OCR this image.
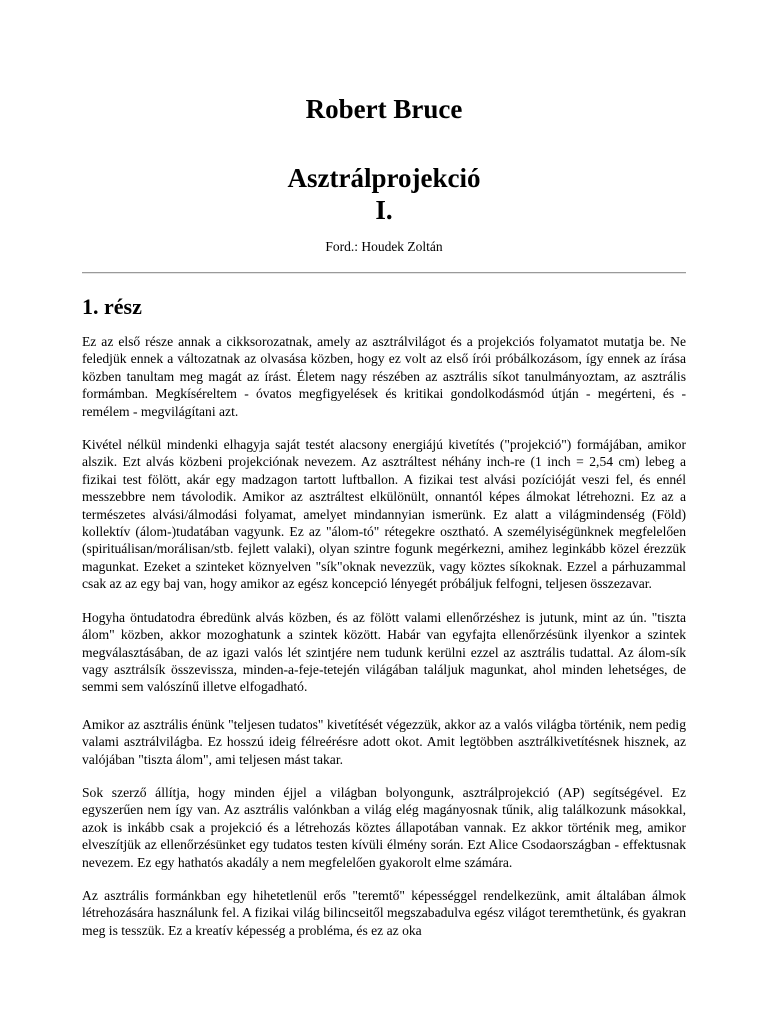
Robert Bruce
Asztrálprojekció
I.
Ford.: Houdek Zoltán
1. rész

Ez az első része annak a cikksorozatnak, amely az asztrálvilágot és a projekciós folyamatot mutatja be. Ne feledjük ennek a változatnak az olvasása közben, hogy ez volt az első írói próbálkozásom, így ennek az írása közben tanultam meg magát az írást. Életem nagy részében az asztrális síkot tanulmányoztam, az asztrális formámban. Megkíséreltem - óvatos megfigyelések és kritikai gondolkodásmód útján - megérteni, és - remélem - megvilágítani azt.

Kivétel nélkül mindenki elhagyja saját testét alacsony energiájú kivetítés ("projekció") formájában, amikor alszik. Ezt alvás közbeni projekciónak nevezem. Az asztráltest néhány inch-re (1 inch = 2,54 cm) lebeg a fizikai test fölött, akár egy madzagon tartott luftballon. A fizikai test alvási pozícióját veszi fel, és ennél messzebbre nem távolodik. Amikor az asztráltest elkülönült, onnantól képes álmokat létrehozni. Ez az a természetes alvási/álmodási folyamat, amelyet mindannyian ismerünk. Ez alatt a világmindenség (Föld) kollektív (álom-)tudatában vagyunk. Ez az "álom-tó" rétegekre osztható. A személyiségünknek megfelelően (spirituálisan/morálisan/stb. fejlett valaki), olyan szintre fogunk megérkezni, amihez leginkább közel érezzük magunkat. Ezeket a szinteket köznyelven "sík"oknak nevezzük, vagy köztes síkoknak. Ezzel a párhuzammal csak az az egy baj van, hogy amikor az egész koncepció lényegét próbáljuk felfogni, teljesen összezavar.

Hogyha öntudatodra ébredünk alvás közben, és az fölött valami ellenőrzéshez is jutunk, mint az ún. "tiszta álom" közben, akkor mozoghatunk a szintek között. Habár van egyfajta ellenőrzésünk ilyenkor a szintek megválasztásában, de az igazi valós lét szintjére nem tudunk kerülni ezzel az asztrális tudattal. Az álom-sík vagy asztrálsík összevissza, minden-a-feje-tetején világában találjuk magunkat, ahol minden lehetséges, de semmi sem valószínű illetve elfogadható.

Amikor az asztrális énünk "teljesen tudatos" kivetítését végezzük, akkor az a valós világba történik, nem pedig valami asztrálvilágba. Ez hosszú ideig félreérésre adott okot. Amit legtöbben asztrálkivetítésnek hisznek, az valójában "tiszta álom", ami teljesen mást takar.

Sok szerző állítja, hogy minden éjjel a világban bolyongunk, asztrálprojekció (AP) segítségével. Ez egyszerűen nem így van. Az asztrális valónkban a világ elég magányosnak tűnik, alig találkozunk másokkal, azok is inkább csak a projekció és a létrehozás köztes állapotában vannak. Ez akkor történik meg, amikor elveszítjük az ellenőrzésünket egy tudatos testen kívüli élmény során. Ezt Alice Csodaországban - effektusnak nevezem. Ez egy hathatós akadály a nem megfelelően gyakorolt elme számára.

Az asztrális formánkban egy hihetetlenül erős "teremtő" képességgel rendelkezünk, amit általában álmok létrehozására használunk fel. A fizikai világ bilincseitől megszabadulva egész világot teremthetünk, és gyakran meg is tesszük. Ez a kreatív képesség a probléma, és ez az oka
